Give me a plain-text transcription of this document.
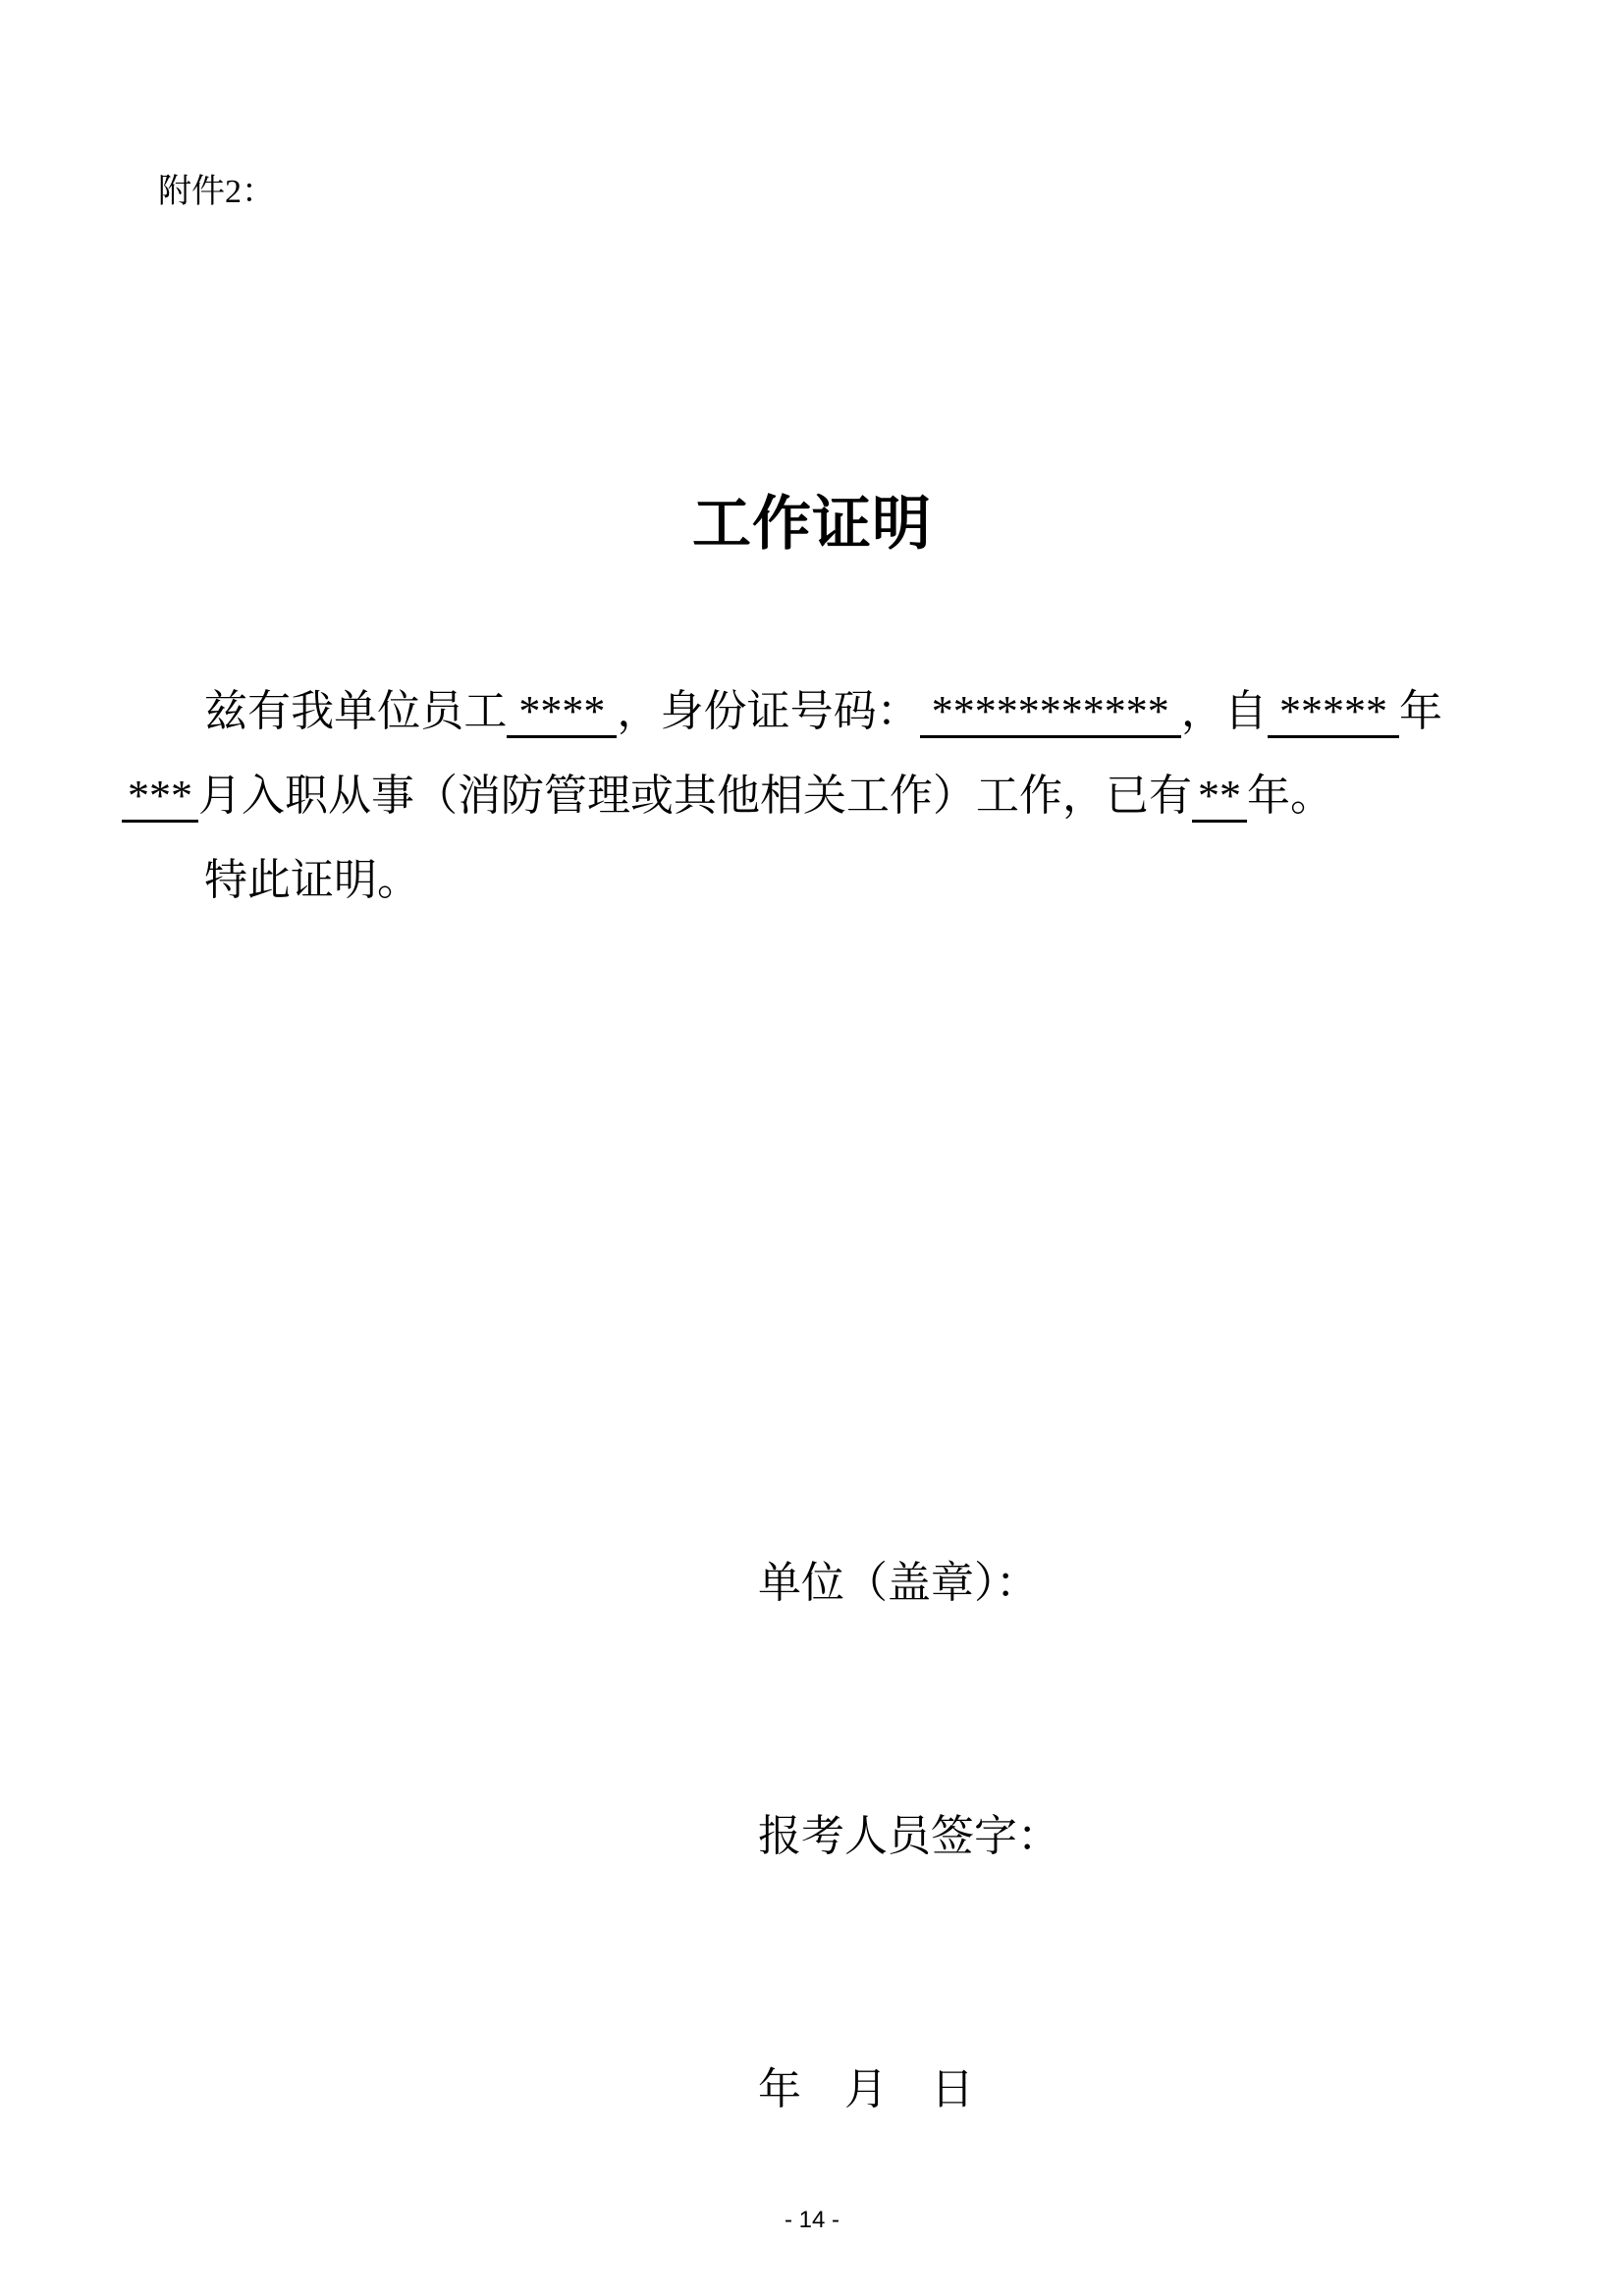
附件2：
工作证明
兹有我单位员工 **** ，身份证号码： *********** ，自 ***** 年
*** 月入职从事（消防管理或其他相关工作）工作，已有 ** 年。
特此证明。

单位（盖章）：

报考人员签字：

年　月　日

- 14 -
